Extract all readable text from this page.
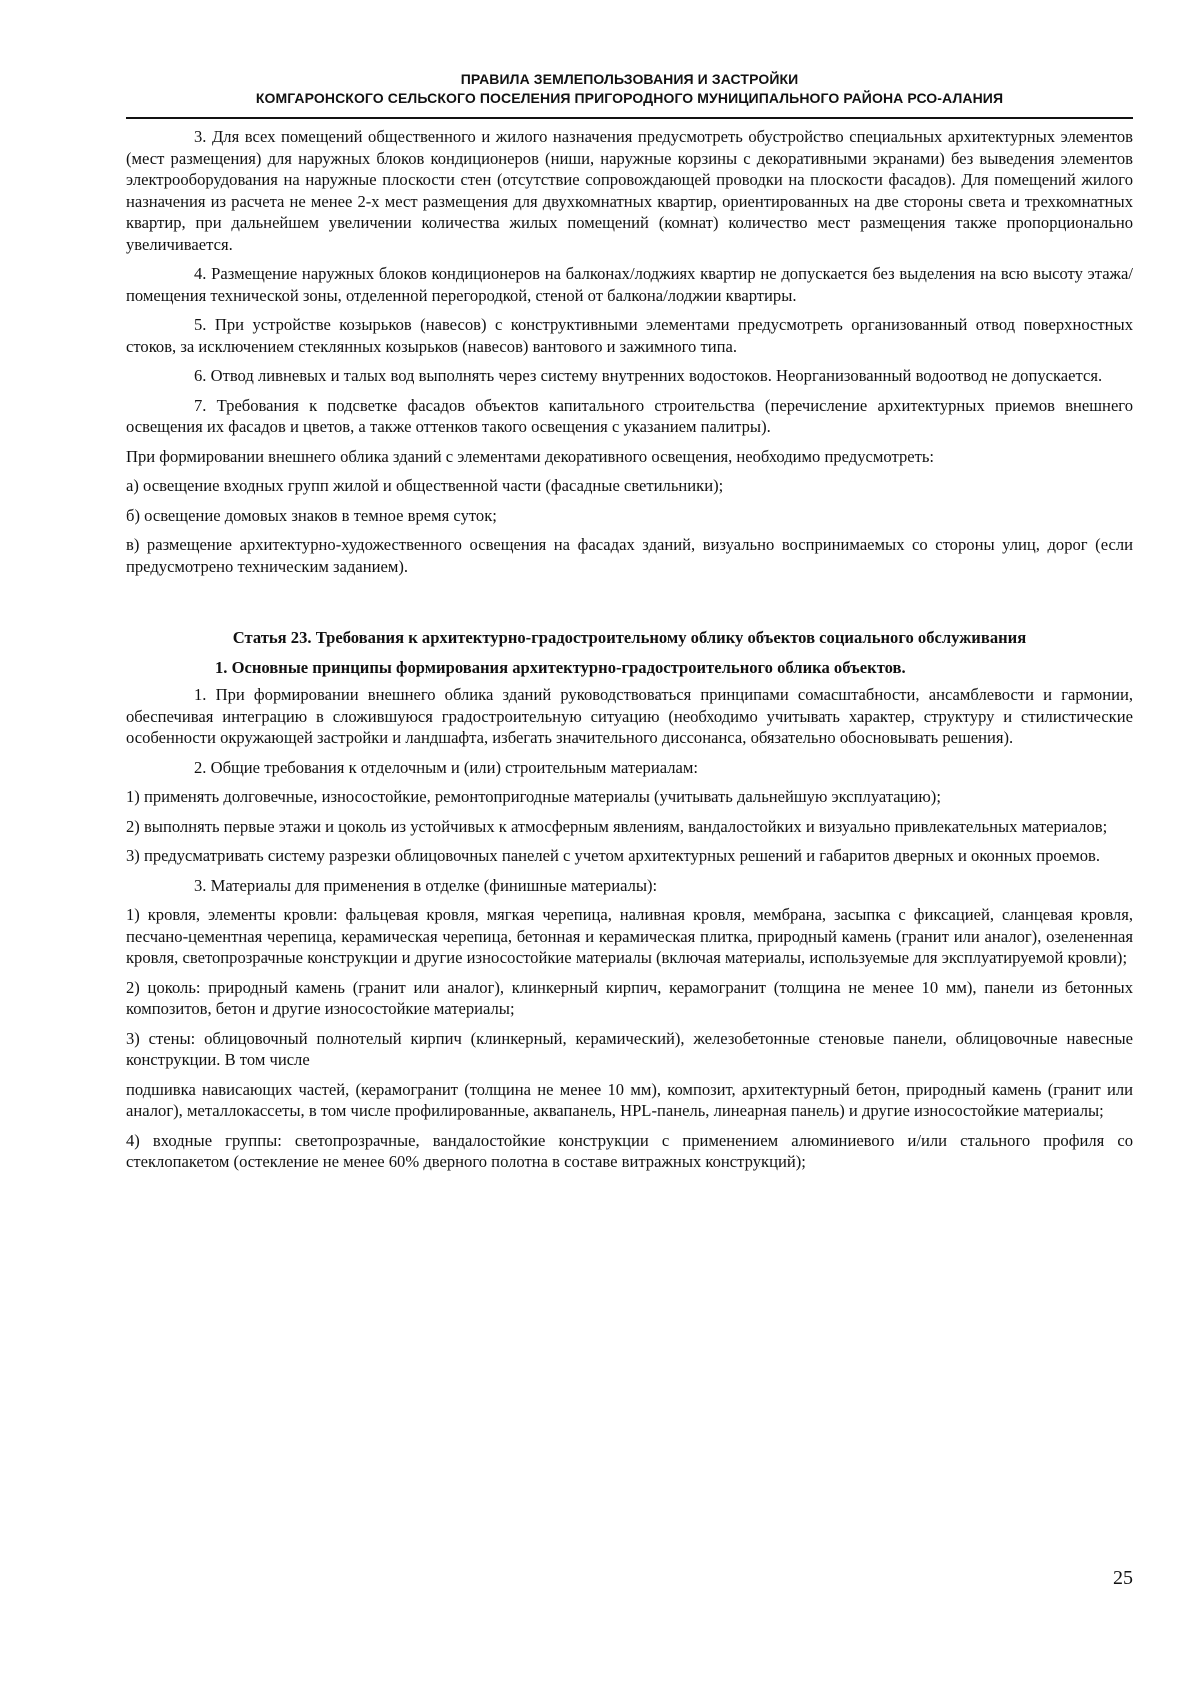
ПРАВИЛА ЗЕМЛЕПОЛЬЗОВАНИЯ И ЗАСТРОЙКИ
КОМГАРОНСКОГО СЕЛЬСКОГО ПОСЕЛЕНИЯ ПРИГОРОДНОГО МУНИЦИПАЛЬНОГО РАЙОНА РСО-АЛАНИЯ

3. Для всех помещений общественного и жилого назначения предусмотреть обустройство специальных архитектурных элементов (мест размещения) для наружных блоков кондиционеров (ниши, наружные корзины с декоративными экранами) без выведения элементов электрооборудования на наружные плоскости стен (отсутствие сопровождающей проводки на плоскости фасадов). Для помещений жилого назначения из расчета не менее 2-х мест размещения для двухкомнатных квартир, ориентированных на две стороны света и трехкомнатных квартир, при дальнейшем увеличении количества жилых помещений (комнат) количество мест размещения также пропорционально увеличивается.

4. Размещение наружных блоков кондиционеров на балконах/лоджиях квартир не допускается без выделения на всю высоту этажа/помещения технической зоны, отделенной перегородкой, стеной от балкона/лоджии квартиры.

5. При устройстве козырьков (навесов) с конструктивными элементами предусмотреть организованный отвод поверхностных стоков, за исключением стеклянных козырьков (навесов) вантового и зажимного типа.

6. Отвод ливневых и талых вод выполнять через систему внутренних водостоков. Неорганизованный водоотвод не допускается.

7. Требования к подсветке фасадов объектов капитального строительства (перечисление архитектурных приемов внешнего освещения их фасадов и цветов, а также оттенков такого освещения с указанием палитры).

При формировании внешнего облика зданий с элементами декоративного освещения, необходимо предусмотреть:

а) освещение входных групп жилой и общественной части (фасадные светильники);

б) освещение домовых знаков в темное время суток;

в) размещение архитектурно-художественного освещения на фасадах зданий, визуально воспринимаемых со стороны улиц, дорог (если предусмотрено техническим заданием).

Статья 23. Требования к архитектурно-градостроительному облику объектов социального обслуживания
1. Основные принципы формирования архитектурно-градостроительного облика объектов.

1. При формировании внешнего облика зданий руководствоваться принципами сомасштабности, ансамблевости и гармонии, обеспечивая интеграцию в сложившуюся градостроительную ситуацию (необходимо учитывать характер, структуру и стилистические особенности окружающей застройки и ландшафта, избегать значительного диссонанса, обязательно обосновывать решения).

2. Общие требования к отделочным и (или) строительным материалам:

1) применять долговечные, износостойкие, ремонтопригодные материалы (учитывать дальнейшую эксплуатацию);

2) выполнять первые этажи и цоколь из устойчивых к атмосферным явлениям, вандалостойких и визуально привлекательных материалов;

3) предусматривать систему разрезки облицовочных панелей с учетом архитектурных решений и габаритов дверных и оконных проемов.

3. Материалы для применения в отделке (финишные материалы):

1) кровля, элементы кровли: фальцевая кровля, мягкая черепица, наливная кровля, мембрана, засыпка с фиксацией, сланцевая кровля, песчано-цементная черепица, керамическая черепица, бетонная и керамическая плитка, природный камень (гранит или аналог), озелененная кровля, светопрозрачные конструкции и другие износостойкие материалы (включая материалы, используемые для эксплуатируемой кровли);

2) цоколь: природный камень (гранит или аналог), клинкерный кирпич, керамогранит (толщина не менее 10 мм), панели из бетонных композитов, бетон и другие износостойкие материалы;

3) стены: облицовочный полнотелый кирпич (клинкерный, керамический), железобетонные стеновые панели, облицовочные навесные конструкции. В том числе

подшивка нависающих частей, (керамогранит (толщина не менее 10 мм), композит, архитектурный бетон, природный камень (гранит или аналог), металлокассеты, в том числе профилированные, аквапанель, HPL-панель, линеарная панель) и другие износостойкие материалы;

4) входные группы: светопрозрачные, вандалостойкие конструкции с применением алюминиевого и/или стального профиля со стеклопакетом (остекление не менее 60% дверного полотна в составе витражных конструкций);

25
